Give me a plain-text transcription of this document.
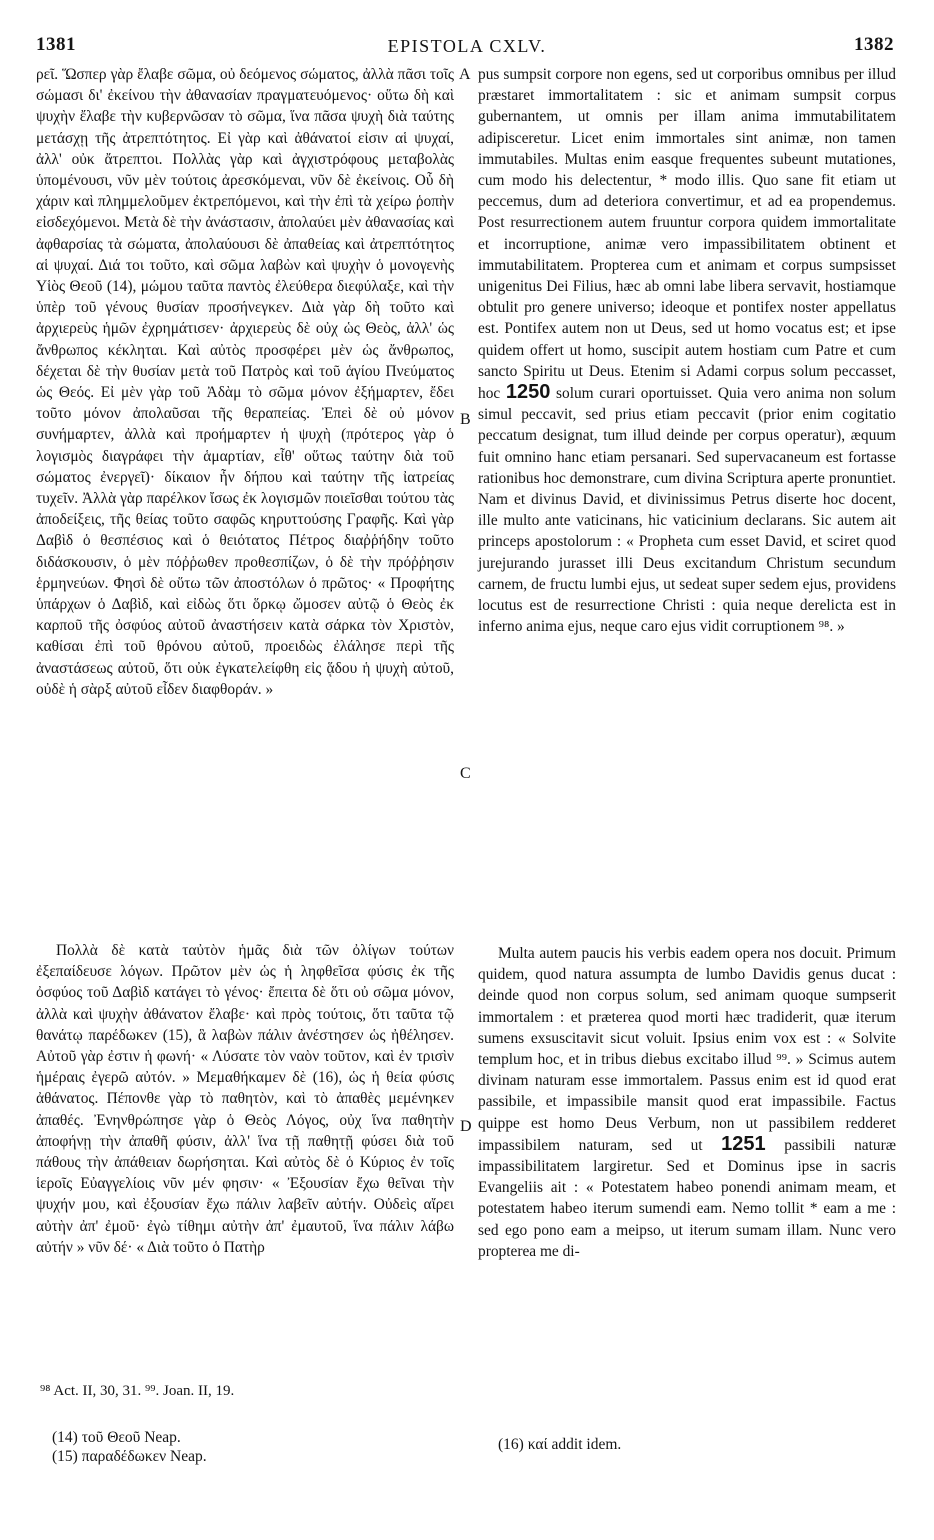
1381	EPISTOLA CXLV.	1382

ρεῖ. Ὥσπερ γὰρ ἔλαβε σῶμα, οὐ δεόμενος σώματος, ἀλλὰ πᾶσι τοῖς σώμασι δι' ἐκείνου τὴν ἀθανασίαν πραγματευόμενος· οὕτω δὴ καὶ ψυχὴν ἔλαβε τὴν κυβερνῶσαν τὸ σῶμα, ἵνα πᾶσα ψυχὴ διὰ ταύτης μετάσχῃ τῆς ἀτρεπτότητος. Εἰ γὰρ καὶ ἀθάνατοί εἰσιν αἱ ψυχαί, ἀλλ' οὐκ ἄτρεπτοι. Πολλὰς γὰρ καὶ ἀγχιστρόφους μεταβολὰς ὑπομένουσι, νῦν μὲν τούτοις ἀρεσκόμεναι, νῦν δὲ ἐκείνοις. Οὗ δὴ χάριν καὶ πλημμελοῦμεν ἐκτρεπόμενοι, καὶ τὴν ἐπὶ τὰ χείρω ῥοπὴν εἰσδεχόμενοι. Μετὰ δὲ τὴν ἀνάστασιν, ἀπολαύει μὲν ἀθανασίας καὶ ἀφθαρσίας τὰ σώματα, ἀπολαύουσι δὲ ἀπαθείας καὶ ἀτρεπτότητος αἱ ψυχαί. Διά τοι τοῦτο, καὶ σῶμα λαβὼν καὶ ψυχὴν ὁ μονογενὴς Υἱὸς Θεοῦ (14), μώμου ταῦτα παντὸς ἐλεύθερα διεφύλαξε, καὶ τὴν ὑπὲρ τοῦ γένους θυσίαν προσήνεγκεν. Διὰ γὰρ δὴ τοῦτο καὶ ἀρχιερεὺς ἡμῶν ἐχρημάτισεν· ἀρχιερεὺς δὲ οὐχ ὡς Θεὸς, ἀλλ' ὡς ἄνθρωπος κέκληται. Καὶ αὐτὸς προσφέρει μὲν ὡς ἄνθρωπος, δέχεται δὲ τὴν θυσίαν μετὰ τοῦ Πατρὸς καὶ τοῦ ἁγίου Πνεύματος ὡς Θεός. Εἰ μὲν γὰρ τοῦ Ἀδὰμ τὸ σῶμα μόνον ἐξήμαρτεν, ἔδει τοῦτο μόνον ἀπολαῦσαι τῆς θεραπείας. Ἐπεὶ δὲ οὐ μόνον συνήμαρτεν, ἀλλὰ καὶ προήμαρτεν ἡ ψυχὴ (πρότερος γὰρ ὁ λογισμὸς διαγράφει τὴν ἁμαρτίαν, εἶθ' οὕτως ταύτην διὰ τοῦ σώματος ἐνεργεῖ)· δίκαιον ἦν δήπου καὶ ταύτην τῆς ἰατρείας τυχεῖν. Ἀλλὰ γὰρ παρέλκον ἴσως ἐκ λογισμῶν ποιεῖσθαι τούτου τὰς ἀποδείξεις, τῆς θείας τοῦτο σαφῶς κηρυττούσης Γραφῆς. Καὶ γὰρ Δαβὶδ ὁ θεσπέσιος καὶ ὁ θειότατος Πέτρος διαῤῥήδην τοῦτο διδάσκουσιν, ὁ μὲν πόῤῥωθεν προθεσπίζων, ὁ δὲ τὴν πρόῤῥησιν ἑρμηνεύων. Φησὶ δὲ οὕτω τῶν ἀποστόλων ὁ πρῶτος· « Προφήτης ὑπάρχων ὁ Δαβὶδ, καὶ εἰδὼς ὅτι ὅρκῳ ὤμοσεν αὐτῷ ὁ Θεὸς ἐκ καρποῦ τῆς ὀσφύος αὐτοῦ ἀναστήσειν κατὰ σάρκα τὸν Χριστὸν, καθίσαι ἐπὶ τοῦ θρόνου αὐτοῦ, προειδὼς ἐλάλησε περὶ τῆς ἀναστάσεως αὐτοῦ, ὅτι οὐκ ἐγκατελείφθη εἰς ᾅδου ἡ ψυχὴ αὐτοῦ, οὐδὲ ἡ σὰρξ αὐτοῦ εἶδεν διαφθοράν. »

pus sumpsit corpore non egens, sed ut corporibus omnibus per illud præstaret immortalitatem : sic et animam sumpsit corpus gubernantem, ut omnis per illam anima immutabilitatem adipisceretur. Licet enim immortales sint animæ, non tamen immutabiles. Multas enim easque frequentes subeunt mutationes, cum modo his delectentur, * modo illis. Quo sane fit etiam ut peccemus, dum ad deteriora convertimur, et ad ea propendemus. Post resurrectionem autem fruuntur corpora quidem immortalitate et incorruptione, animæ vero impassibilitatem obtinent et immutabilitatem. Propterea cum et animam et corpus sumpsisset unigenitus Dei Filius, hæc ab omni labe libera servavit, hostiamque obtulit pro genere universo; ideoque et pontifex noster appellatus est. Pontifex autem non ut Deus, sed ut homo vocatus est; et ipse quidem offert ut homo, suscipit autem hostiam cum Patre et cum sancto Spiritu ut Deus. Etenim si Adami corpus solum peccasset, hoc 1250 solum curari oportuisset. Quia vero anima non solum simul peccavit, sed prius etiam peccavit (prior enim cogitatio peccatum designat, tum illud deinde per corpus operatur), æquum fuit omnino hanc etiam persanari. Sed supervacaneum est fortasse rationibus hoc demonstrare, cum divina Scriptura aperte pronuntiet. Nam et divinus David, et divinissimus Petrus diserte hoc docent, ille multo ante vaticinans, hic vaticinium declarans. Sic autem ait princeps apostolorum : « Propheta cum esset David, et sciret quod jurejurando jurasset illi Deus excitandum Christum secundum carnem, de fructu lumbi ejus, ut sedeat super sedem ejus, providens locutus est de resurrectione Christi : quia neque derelicta est in inferno anima ejus, neque caro ejus vidit corruptionem ⁹⁸. »

Πολλὰ δὲ κατὰ ταὐτὸν ἡμᾶς διὰ τῶν ὀλίγων τούτων ἐξεπαίδευσε λόγων. Πρῶτον μὲν ὡς ἡ ληφθεῖσα φύσις ἐκ τῆς ὀσφύος τοῦ Δαβὶδ κατάγει τὸ γένος· ἔπειτα δὲ ὅτι οὐ σῶμα μόνον, ἀλλὰ καὶ ψυχὴν ἀθάνατον ἔλαβε· καὶ πρὸς τούτοις, ὅτι ταῦτα τῷ θανάτῳ παρέδωκεν (15), ἃ λαβὼν πάλιν ἀνέστησεν ὡς ἠθέλησεν. Αὐτοῦ γὰρ ἐστιν ἡ φωνή· « Λύσατε τὸν ναὸν τοῦτον, καὶ ἐν τρισὶν ἡμέραις ἐγερῶ αὐτόν. » Μεμαθήκαμεν δὲ (16), ὡς ἡ θεία φύσις ἀθάνατος. Πέπονθε γὰρ τὸ παθητὸν, καὶ τὸ ἀπαθὲς μεμένηκεν ἀπαθές. Ἐνηνθρώπησε γὰρ ὁ Θεὸς Λόγος, οὐχ ἵνα παθητὴν ἀποφήνῃ τὴν ἀπαθῆ φύσιν, ἀλλ' ἵνα τῇ παθητῇ φύσει διὰ τοῦ πάθους τὴν ἀπάθειαν δωρήσηται. Καὶ αὐτὸς δὲ ὁ Κύριος ἐν τοῖς ἱεροῖς Εὐαγγελίοις νῦν μέν φησιν· « Ἐξουσίαν ἔχω θεῖναι τὴν ψυχήν μου, καὶ ἐξουσίαν ἔχω πάλιν λαβεῖν αὐτήν. Οὐδεὶς αἴρει αὐτὴν ἀπ' ἐμοῦ· ἐγὼ τίθημι αὐτὴν ἀπ' ἐμαυτοῦ, ἵνα πάλιν λάβω αὐτήν » νῦν δέ· « Διὰ τοῦτο ὁ Πατὴρ

Multa autem paucis his verbis eadem opera nos docuit. Primum quidem, quod natura assumpta de lumbo Davidis genus ducat : deinde quod non corpus solum, sed animam quoque sumpserit immortalem : et præterea quod morti hæc tradiderit, quæ iterum sumens exsuscitavit sicut voluit. Ipsius enim vox est : « Solvite templum hoc, et in tribus diebus excitabo illud ⁹⁹. » Scimus autem divinam naturam esse immortalem. Passus enim est id quod erat passibile, et impassibile mansit quod erat impassibile. Factus quippe est homo Deus Verbum, non ut passibilem redderet impassibilem naturam, sed ut 1251 passibili naturæ impassibilitatem largiretur. Sed et Dominus ipse in sacris Evangeliis ait : « Potestatem habeo ponendi animam meam, et potestatem habeo iterum sumendi eam. Nemo tollit * eam a me : sed ego pono eam a meipso, ut iterum sumam illam. Nunc vero propterea me di-

A
B
C
D
⁹⁸ Act. II, 30, 31. ⁹⁹. Joan. II, 19.
(14) τοῦ Θεοῦ Neap.
(15) παραδέδωκεν Neap.
(16) καί addit idem.
